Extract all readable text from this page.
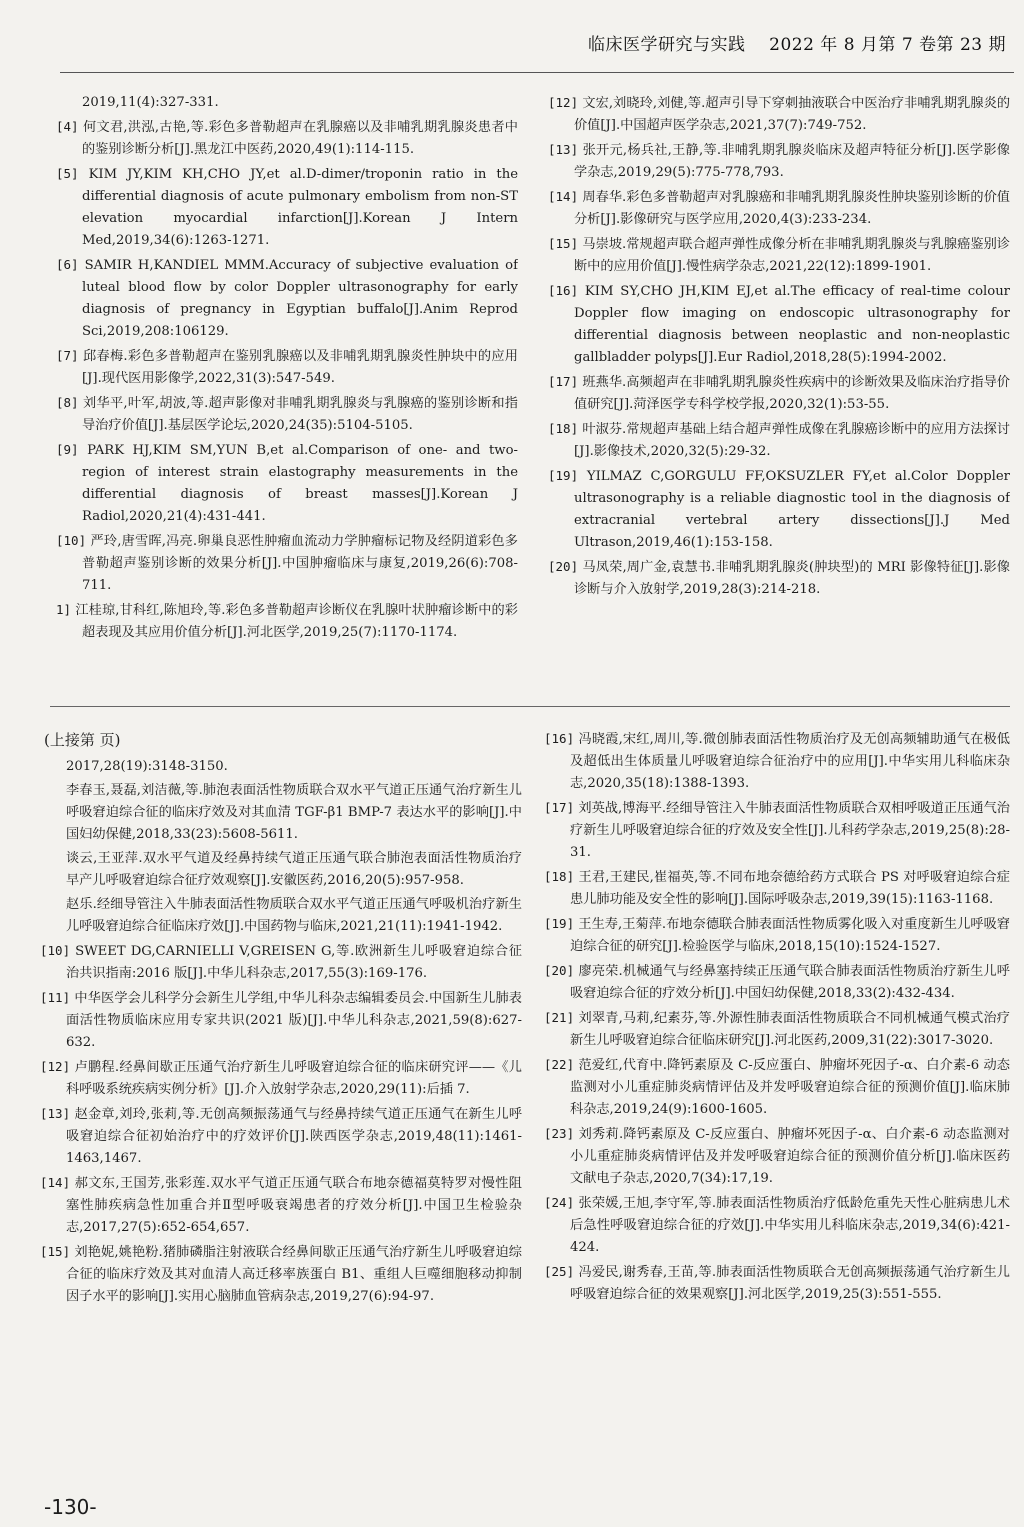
临床医学研究与实践 2022 年 8 月第 7 卷第 23 期

2019,11(4):327-331.

[4] 何文君,洪泓,古艳,等.彩色多普勒超声在乳腺癌以及非哺乳期乳腺炎患者中的鉴别诊断分析[J].黑龙江中医药,2020,49(1):114-115.

[5] KIM JY,KIM KH,CHO JY,et al.D-dimer/troponin ratio in the differential diagnosis of acute pulmonary embolism from non-ST elevation myocardial infarction[J].Korean J Intern Med,2019,34(6):1263-1271.

[6] SAMIR H,KANDIEL MMM.Accuracy of subjective evaluation of luteal blood flow by color Doppler ultrasonography for early diagnosis of pregnancy in Egyptian buffalo[J].Anim Reprod Sci,2019,208:106129.

[7] 邱春梅.彩色多普勒超声在鉴别乳腺癌以及非哺乳期乳腺炎性肿块中的应用[J].现代医用影像学,2022,31(3):547-549.

[8] 刘华平,叶军,胡波,等.超声影像对非哺乳期乳腺炎与乳腺癌的鉴别诊断和指导治疗价值[J].基层医学论坛,2020,24(35):5104-5105.

[9] PARK HJ,KIM SM,YUN B,et al.Comparison of one- and two-region of interest strain elastography measurements in the differential diagnosis of breast masses[J].Korean J Radiol,2020,21(4):431-441.

[10] 严玲,唐雪晖,冯亮.卵巢良恶性肿瘤血流动力学肿瘤标记物及经阴道彩色多普勒超声鉴别诊断的效果分析[J].中国肿瘤临床与康复,2019,26(6):708-711.

1] 江桂琼,甘科红,陈旭玲,等.彩色多普勒超声诊断仪在乳腺叶状肿瘤诊断中的彩超表现及其应用价值分析[J].河北医学,2019,25(7):1170-1174.

[12] 文宏,刘晓玲,刘健,等.超声引导下穿刺抽液联合中医治疗非哺乳期乳腺炎的价值[J].中国超声医学杂志,2021,37(7):749-752.

[13] 张开元,杨兵社,王静,等.非哺乳期乳腺炎临床及超声特征分析[J].医学影像学杂志,2019,29(5):775-778,793.

[14] 周春华.彩色多普勒超声对乳腺癌和非哺乳期乳腺炎性肿块鉴别诊断的价值分析[J].影像研究与医学应用,2020,4(3):233-234.

[15] 马崇坡.常规超声联合超声弹性成像分析在非哺乳期乳腺炎与乳腺癌鉴别诊断中的应用价值[J].慢性病学杂志,2021,22(12):1899-1901.

[16] KIM SY,CHO JH,KIM EJ,et al.The efficacy of real-time colour Doppler flow imaging on endoscopic ultrasonography for differential diagnosis between neoplastic and non-neoplastic gallbladder polyps[J].Eur Radiol,2018,28(5):1994-2002.

[17] 班燕华.高频超声在非哺乳期乳腺炎性疾病中的诊断效果及临床治疗指导价值研究[J].菏泽医学专科学校学报,2020,32(1):53-55.

[18] 叶淑芬.常规超声基础上结合超声弹性成像在乳腺癌诊断中的应用方法探讨[J].影像技术,2020,32(5):29-32.

[19] YILMAZ C,GORGULU FF,OKSUZLER FY,et al.Color Doppler ultrasonography is a reliable diagnostic tool in the diagnosis of extracranial vertebral artery dissections[J].J Med Ultrason,2019,46(1):153-158.

[20] 马凤荣,周广金,袁慧书.非哺乳期乳腺炎(肿块型)的 MRI 影像特征[J].影像诊断与介入放射学,2019,28(3):214-218.

(上接第 页)

2017,28(19):3148-3150.

李春玉,聂磊,刘洁薇,等.肺泡表面活性物质联合双水平气道正压通气治疗新生儿呼吸窘迫综合征的临床疗效及对其血清 TGF-β1 BMP-7 表达水平的影响[J].中国妇幼保健,2018,33(23):5608-5611.

谈云,王亚萍.双水平气道及经鼻持续气道正压通气联合肺泡表面活性物质治疗早产儿呼吸窘迫综合征疗效观察[J].安徽医药,2016,20(5):957-958.

赵乐.经细导管注入牛肺表面活性物质联合双水平气道正压通气呼吸机治疗新生儿呼吸窘迫综合征临床疗效[J].中国药物与临床,2021,21(11):1941-1942.

[10] SWEET DG,CARNIELLI V,GREISEN G,等.欧洲新生儿呼吸窘迫综合征 治共识指南:2016 版[J].中华儿科杂志,2017,55(3):169-176.

[11] 中华医学会儿科学分会新生儿学组,中华儿科杂志编辑委员会.中国新生儿肺表面活性物质临床应用专家共识(2021 版)[J].中华儿科杂志,2021,59(8):627-632.

[12] 卢鹏程.经鼻间歇正压通气治疗新生儿呼吸窘迫综合征的临床研究评——《儿科呼吸系统疾病实例分析》[J].介入放射学杂志,2020,29(11):后插 7.

[13] 赵金章,刘玲,张莉,等.无创高频振荡通气与经鼻持续气道正压通气在新生儿呼吸窘迫综合征初始治疗中的疗效评价[J].陕西医学杂志,2019,48(11):1461-1463,1467.

[14] 郝文东,王国芳,张彩莲.双水平气道正压通气联合布地奈德福莫特罗对慢性阻塞性肺疾病急性加重合并Ⅱ型呼吸衰竭患者的疗效分析[J].中国卫生检验杂志,2017,27(5):652-654,657.

[15] 刘艳妮,姚艳粉.猪肺磷脂注射液联合经鼻间歇正压通气治疗新生儿呼吸窘迫综合征的临床疗效及其对血清人高迁移率族蛋白 B1、重组人巨噬细胞移动抑制因子水平的影响[J].实用心脑肺血管病杂志,2019,27(6):94-97.

[16] 冯晓霞,宋红,周川,等.微创肺表面活性物质治疗及无创高频辅助通气在极低及超低出生体质量儿呼吸窘迫综合征治疗中的应用[J].中华实用儿科临床杂志,2020,35(18):1388-1393.

[17] 刘英战,博海平.经细导管注入牛肺表面活性物质联合双相呼吸道正压通气治疗新生儿呼吸窘迫综合征的疗效及安全性[J].儿科药学杂志,2019,25(8):28-31.

[18] 王君,王建民,崔福英,等.不同布地奈德给药方式联合 PS 对呼吸窘迫综合症患儿肺功能及安全性的影响[J].国际呼吸杂志,2019,39(15):1163-1168.

[19] 王生寿,王菊萍.布地奈德联合肺表面活性物质雾化吸入对重度新生儿呼吸窘迫综合征的研究[J].检验医学与临床,2018,15(10):1524-1527.

[20] 廖亮荣.机械通气与经鼻塞持续正压通气联合肺表面活性物质治疗新生儿呼吸窘迫综合征的疗效分析[J].中国妇幼保健,2018,33(2):432-434.

[21] 刘翠青,马莉,纪素芬,等.外源性肺表面活性物质联合不同机械通气模式治疗新生儿呼吸窘迫综合征临床研究[J].河北医药,2009,31(22):3017-3020.

[22] 范爱红,代育中.降钙素原及 C-反应蛋白、肿瘤坏死因子-α、白介素-6 动态监测对小儿重症肺炎病情评估及并发呼吸窘迫综合征的预测价值[J].临床肺科杂志,2019,24(9):1600-1605.

[23] 刘秀莉.降钙素原及 C-反应蛋白、肿瘤坏死因子-α、白介素-6 动态监测对小儿重症肺炎病情评估及并发呼吸窘迫综合征的预测价值分析[J].临床医药文献电子杂志,2020,7(34):17,19.

[24] 张荣媛,王旭,李守军,等.肺表面活性物质治疗低龄危重先天性心脏病患儿术后急性呼吸窘迫综合征的疗效[J].中华实用儿科临床杂志,2019,34(6):421-424.

[25] 冯爱民,谢秀春,王苗,等.肺表面活性物质联合无创高频振荡通气治疗新生儿呼吸窘迫综合征的效果观察[J].河北医学,2019,25(3):551-555.

-130-
